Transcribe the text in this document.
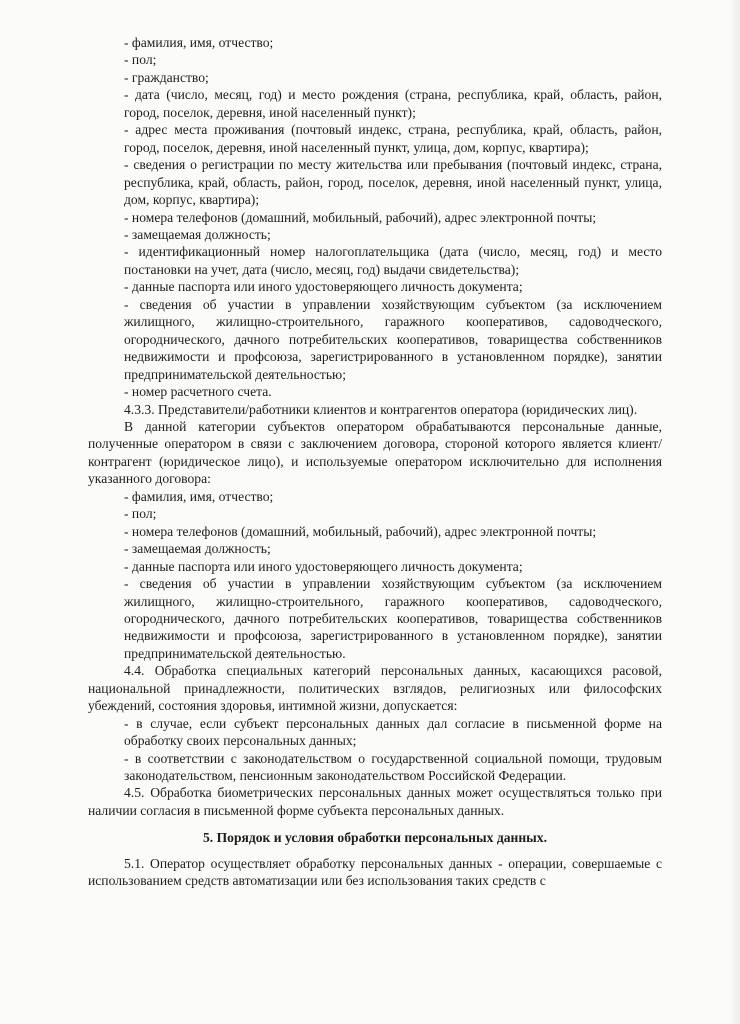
- фамилия, имя, отчество;

- пол;

- гражданство;

- дата (число, месяц, год) и место рождения (страна, республика, край, область, район, город, поселок, деревня, иной населенный пункт);

- адрес места проживания (почтовый индекс, страна, республика, край, область, район, город, поселок, деревня, иной населенный пункт, улица, дом, корпус, квартира);

- сведения о регистрации по месту жительства или пребывания (почтовый индекс, страна, республика, край, область, район, город, поселок, деревня, иной населенный пункт, улица, дом, корпус, квартира);

- номера телефонов (домашний, мобильный, рабочий), адрес электронной почты;

- замещаемая должность;

- идентификационный номер налогоплательщика (дата (число, месяц, год) и место постановки на учет, дата (число, месяц, год) выдачи свидетельства);

- данные паспорта или иного удостоверяющего личность документа;

- сведения об участии в управлении хозяйствующим субъектом (за исключением жилищного, жилищно-строительного, гаражного кооперативов, садоводческого, огороднического, дачного потребительских кооперативов, товарищества собственников недвижимости и профсоюза, зарегистрированного в установленном порядке), занятии предпринимательской деятельностью;

- номер расчетного счета.

4.3.3. Представители/работники клиентов и контрагентов оператора (юридических лиц).

В данной категории субъектов оператором обрабатываются персональные данные, полученные оператором в связи с заключением договора, стороной которого является клиент/контрагент (юридическое лицо), и используемые оператором исключительно для исполнения указанного договора:

- фамилия, имя, отчество;

- пол;

- номера телефонов (домашний, мобильный, рабочий), адрес электронной почты;

- замещаемая должность;

- данные паспорта или иного удостоверяющего личность документа;

- сведения об участии в управлении хозяйствующим субъектом (за исключением жилищного, жилищно-строительного, гаражного кооперативов, садоводческого, огороднического, дачного потребительских кооперативов, товарищества собственников недвижимости и профсоюза, зарегистрированного в установленном порядке), занятии предпринимательской деятельностью.

4.4. Обработка специальных категорий персональных данных, касающихся расовой, национальной принадлежности, политических взглядов, религиозных или философских убеждений, состояния здоровья, интимной жизни, допускается:

- в случае, если субъект персональных данных дал согласие в письменной форме на обработку своих персональных данных;

- в соответствии с законодательством о государственной социальной помощи, трудовым законодательством, пенсионным законодательством Российской Федерации.

4.5. Обработка биометрических персональных данных может осуществляться только при наличии согласия в письменной форме субъекта персональных данных.

5. Порядок и условия обработки персональных данных.

5.1. Оператор осуществляет обработку персональных данных - операции, совершаемые с использованием средств автоматизации или без использования таких средств с
